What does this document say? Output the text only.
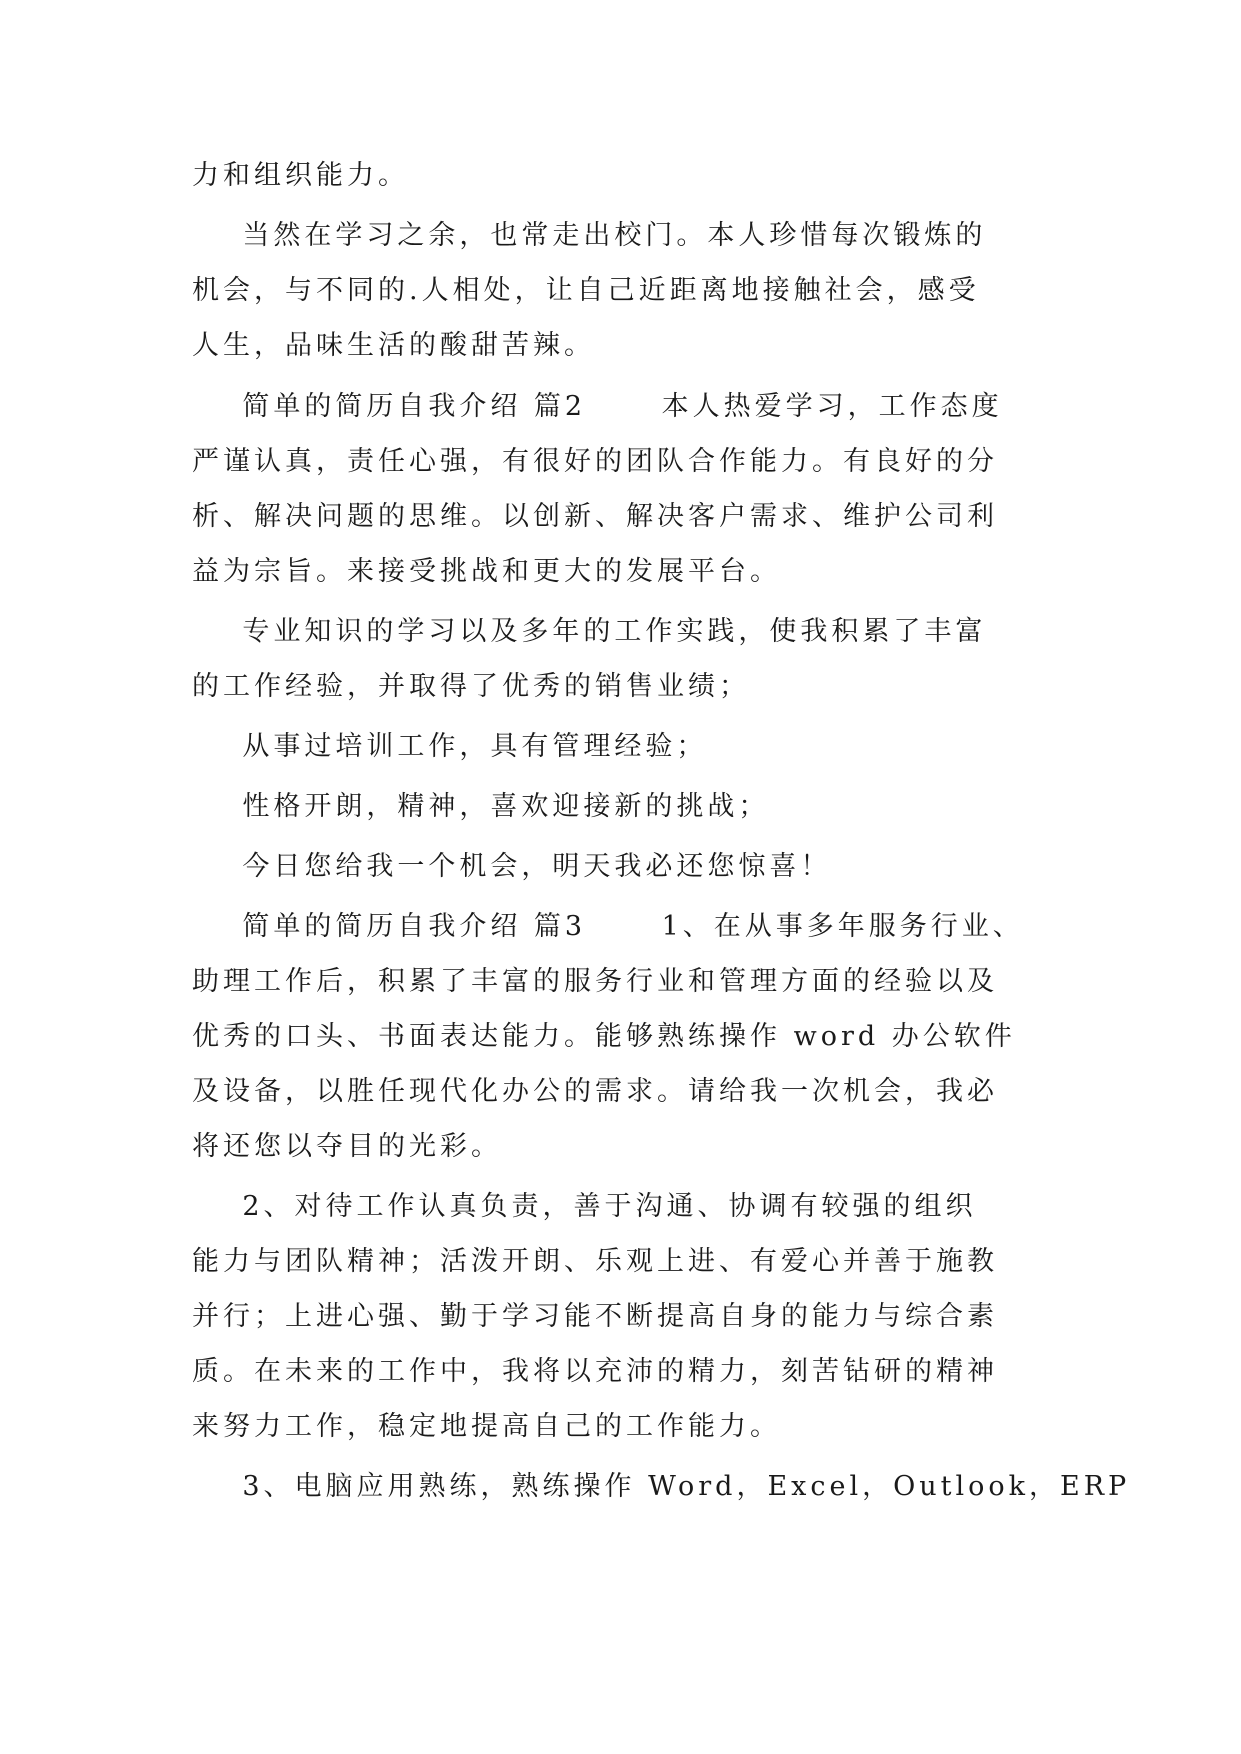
力和组织能力。
当然在学习之余，也常走出校门。本人珍惜每次锻炼的
机会，与不同的.人相处，让自己近距离地接触社会，感受
人生，品味生活的酸甜苦辣。
简单的简历自我介绍 篇2      本人热爱学习，工作态度
严谨认真，责任心强，有很好的团队合作能力。有良好的分
析、解决问题的思维。以创新、解决客户需求、维护公司利
益为宗旨。来接受挑战和更大的发展平台。
专业知识的学习以及多年的工作实践，使我积累了丰富
的工作经验，并取得了优秀的销售业绩；
从事过培训工作，具有管理经验；
性格开朗，精神，喜欢迎接新的挑战；
今日您给我一个机会，明天我必还您惊喜！
简单的简历自我介绍 篇3      1、在从事多年服务行业、
助理工作后，积累了丰富的服务行业和管理方面的经验以及
优秀的口头、书面表达能力。能够熟练操作 word 办公软件
及设备，以胜任现代化办公的需求。请给我一次机会，我必
将还您以夺目的光彩。
2、对待工作认真负责，善于沟通、协调有较强的组织
能力与团队精神；活泼开朗、乐观上进、有爱心并善于施教
并行；上进心强、勤于学习能不断提高自身的能力与综合素
质。在未来的工作中，我将以充沛的精力，刻苦钻研的精神
来努力工作，稳定地提高自己的工作能力。
3、电脑应用熟练，熟练操作 Word，Excel，Outlook，ERP
